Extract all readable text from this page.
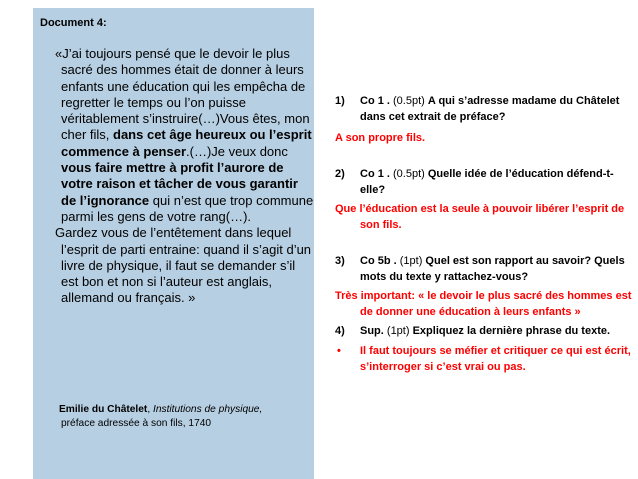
Document 4:

«J’ai toujours pensé que le devoir le plus sacré des hommes était de donner à leurs enfants une éducation qui les empêcha de regretter le temps ou l’on puisse véritablement s’instruire(…)Vous êtes, mon cher fils, dans cet âge heureux ou l’esprit commence à penser.(…)Je veux donc vous faire mettre à profit l’aurore de votre raison et tâcher de vous garantir de l’ignorance qui n’est que trop commune parmi les gens de votre rang(…).

Gardez vous de l’entêtement dans lequel l’esprit de parti entraine: quand il s’agit d’un livre de physique, il faut se demander s’il est bon et non si l’auteur est anglais, allemand ou français. »

Emilie du Châtelet, Institutions de physique,
préface adressée à son fils, 1740
1)	Co 1 . (0.5pt) A qui s’adresse madame du Châtelet dans cet extrait de préface?
A son propre fils.
2)	Co 1 . (0.5pt) Quelle idée de l’éducation défend-t-elle?
Que l’éducation est la seule à pouvoir libérer l’esprit de son fils.
3)	Co 5b . (1pt) Quel est son rapport au savoir? Quels mots du texte y rattachez-vous?
Très important: « le devoir le plus sacré des hommes est de donner une éducation à leurs enfants »
4)	Sup. (1pt) Expliquez la dernière phrase du texte.
•	Il faut toujours se méfier et critiquer ce qui est écrit, s’interroger si c’est vrai ou pas.
